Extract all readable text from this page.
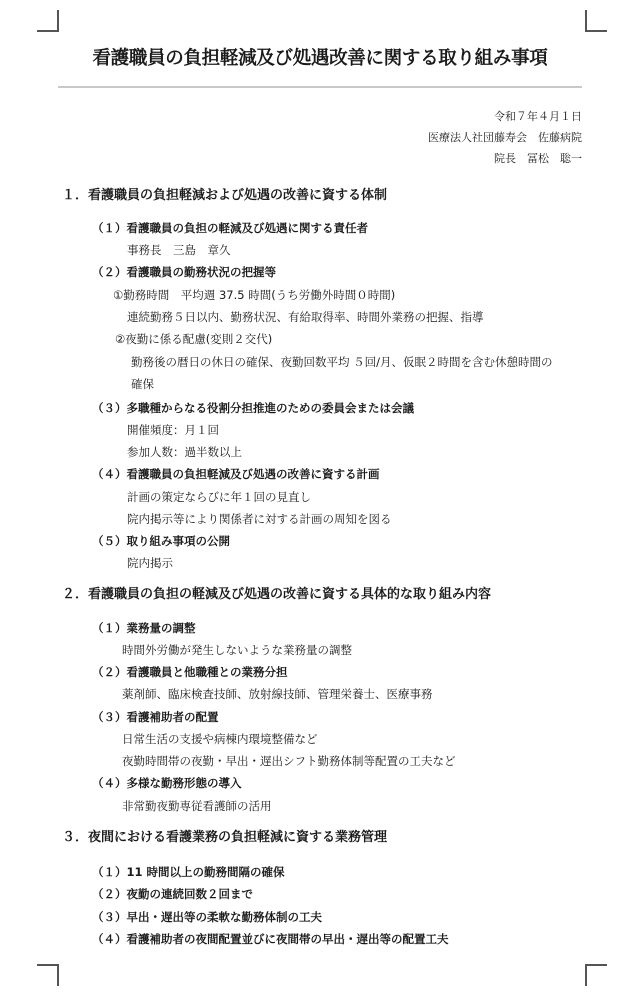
看護職員の負担軽減及び処遇改善に関する取り組み事項
令和７年４月１日
医療法人社団藤寿会　佐藤病院
院長　冨松　聡一
１．看護職員の負担軽減および処遇の改善に資する体制
（１）看護職員の負担の軽減及び処遇に関する責任者
事務長　三島　章久
（２）看護職員の勤務状況の把握等
①勤務時間　平均週 37.5 時間(うち労働外時間０時間)
連続勤務５日以内、勤務状況、有給取得率、時間外業務の把握、指導
②夜勤に係る配慮(変則２交代)
勤務後の暦日の休日の確保、夜勤回数平均 ５回/月、仮眠２時間を含む休憩時間の
確保
（３）多職種からなる役割分担推進のための委員会または会議
開催頻度：月１回
参加人数：過半数以上
（４）看護職員の負担軽減及び処遇の改善に資する計画
計画の策定ならびに年１回の見直し
院内掲示等により関係者に対する計画の周知を図る
（５）取り組み事項の公開
院内掲示
２．看護職員の負担の軽減及び処遇の改善に資する具体的な取り組み内容
（１）業務量の調整
時間外労働が発生しないような業務量の調整
（２）看護職員と他職種との業務分担
薬剤師、臨床検査技師、放射線技師、管理栄養士、医療事務
（３）看護補助者の配置
日常生活の支援や病棟内環境整備など
夜勤時間帯の夜勤・早出・遅出シフト勤務体制等配置の工夫など
（４）多様な勤務形態の導入
非常勤夜勤専従看護師の活用
３．夜間における看護業務の負担軽減に資する業務管理
（１）11 時間以上の勤務間隔の確保
（２）夜勤の連続回数２回まで
（３）早出・遅出等の柔軟な勤務体制の工夫
（４）看護補助者の夜間配置並びに夜間帯の早出・遅出等の配置工夫
